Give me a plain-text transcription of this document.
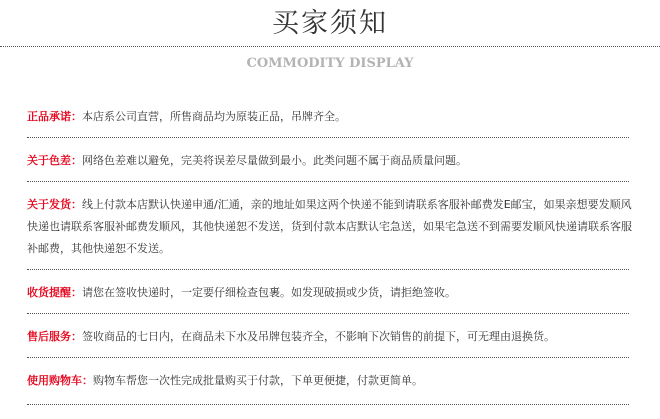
买家须知
COMMODITY DISPLAY
正品承诺：本店系公司直营，所售商品均为原装正品，吊牌齐全。
关于色差：网络色差难以避免，完美将误差尽量做到最小。此类问题不属于商品质量问题。
关于发货：线上付款本店默认快递申通/汇通，亲的地址如果这两个快递不能到请联系客服补邮费发E邮宝，如果亲想要发顺风快递也请联系客服补邮费发顺风，其他快递恕不发送，货到付款本店默认宅急送，如果宅急送不到需要发顺风快递请联系客服补邮费，其他快递恕不发送。
收货提醒：请您在签收快递时，一定要仔细检查包裹。如发现破损或少货，请拒绝签收。
售后服务：签收商品的七日内，在商品未下水及吊牌包装齐全，不影响下次销售的前提下，可无理由退换货。
使用购物车：购物车帮您一次性完成批量购买于付款，下单更便捷，付款更简单。
